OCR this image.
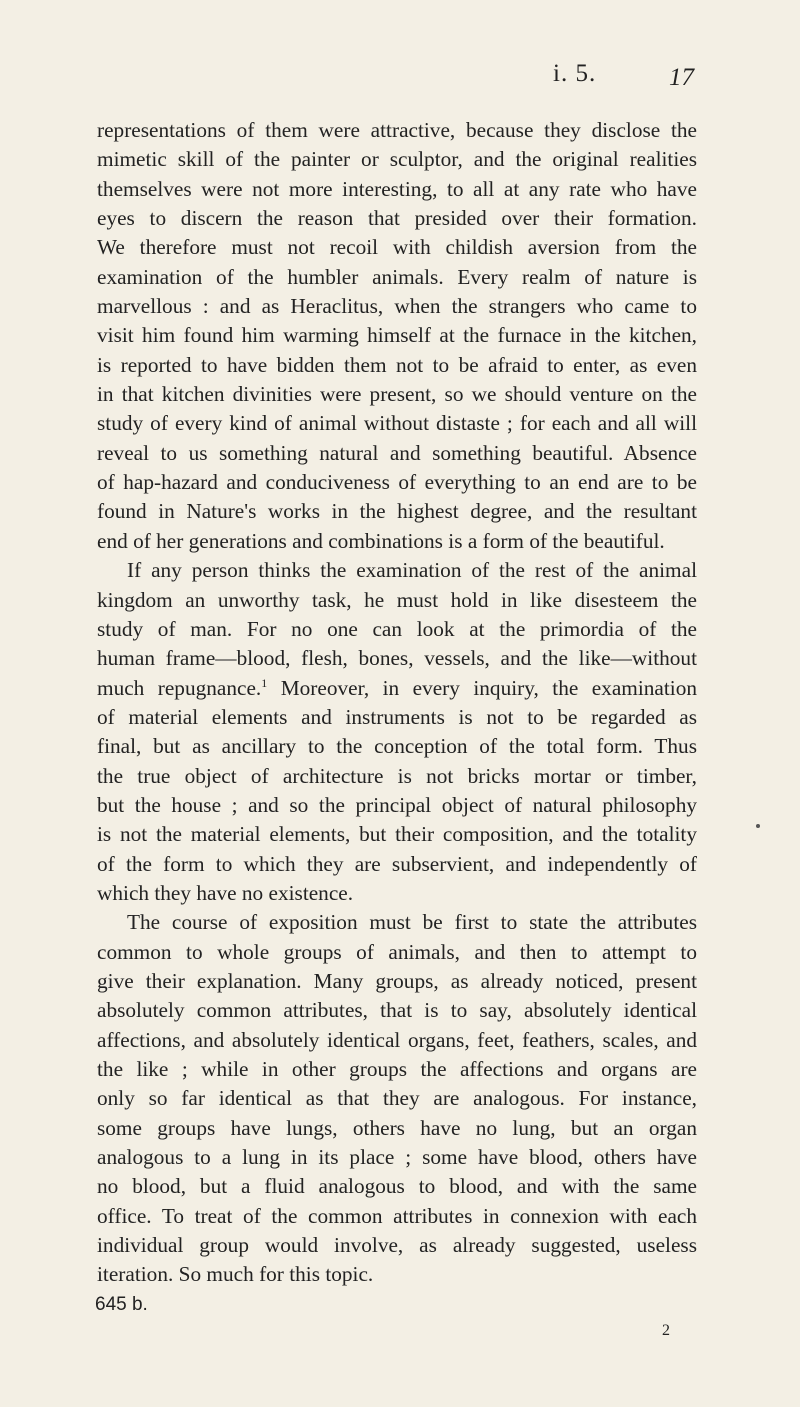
i. 5.	17
representations of them were attractive, because they disclose the
mimetic skill of the painter or sculptor, and the original realities
themselves were not more interesting, to all at any rate who have
eyes to discern the reason that presided over their formation.
We therefore must not recoil with childish aversion from the
examination of the humbler animals. Every realm of nature is
marvellous : and as Heraclitus, when the strangers who came to
visit him found him warming himself at the furnace in the kitchen,
is reported to have bidden them not to be afraid to enter, as even
in that kitchen divinities were present, so we should venture on the
study of every kind of animal without distaste ; for each and all will
reveal to us something natural and something beautiful. Absence
of hap-hazard and conduciveness of everything to an end are to be
found in Nature's works in the highest degree, and the resultant
end of her generations and combinations is a form of the beautiful.
If any person thinks the examination of the rest of the animal
kingdom an unworthy task, he must hold in like disesteem the
study of man. For no one can look at the primordia of the
human frame—blood, flesh, bones, vessels, and the like—without
much repugnance.$^1$ Moreover, in every inquiry, the examination
of material elements and instruments is not to be regarded as
final, but as ancillary to the conception of the total form. Thus
the true object of architecture is not bricks mortar or timber,
but the house ; and so the principal object of natural philosophy
is not the material elements, but their composition, and the totality
of the form to which they are subservient, and independently of
which they have no existence.
The course of exposition must be first to state the attributes
common to whole groups of animals, and then to attempt to
give their explanation. Many groups, as already noticed, present
absolutely common attributes, that is to say, absolutely identical
affections, and absolutely identical organs, feet, feathers, scales, and
the like ; while in other groups the affections and organs are
only so far identical as that they are analogous. For instance,
some groups have lungs, others have no lung, but an organ
analogous to a lung in its place ; some have blood, others have
no blood, but a fluid analogous to blood, and with the same
office. To treat of the common attributes in connexion with each
individual group would involve, as already suggested, useless
iteration. So much for this topic.
645 b.
2
